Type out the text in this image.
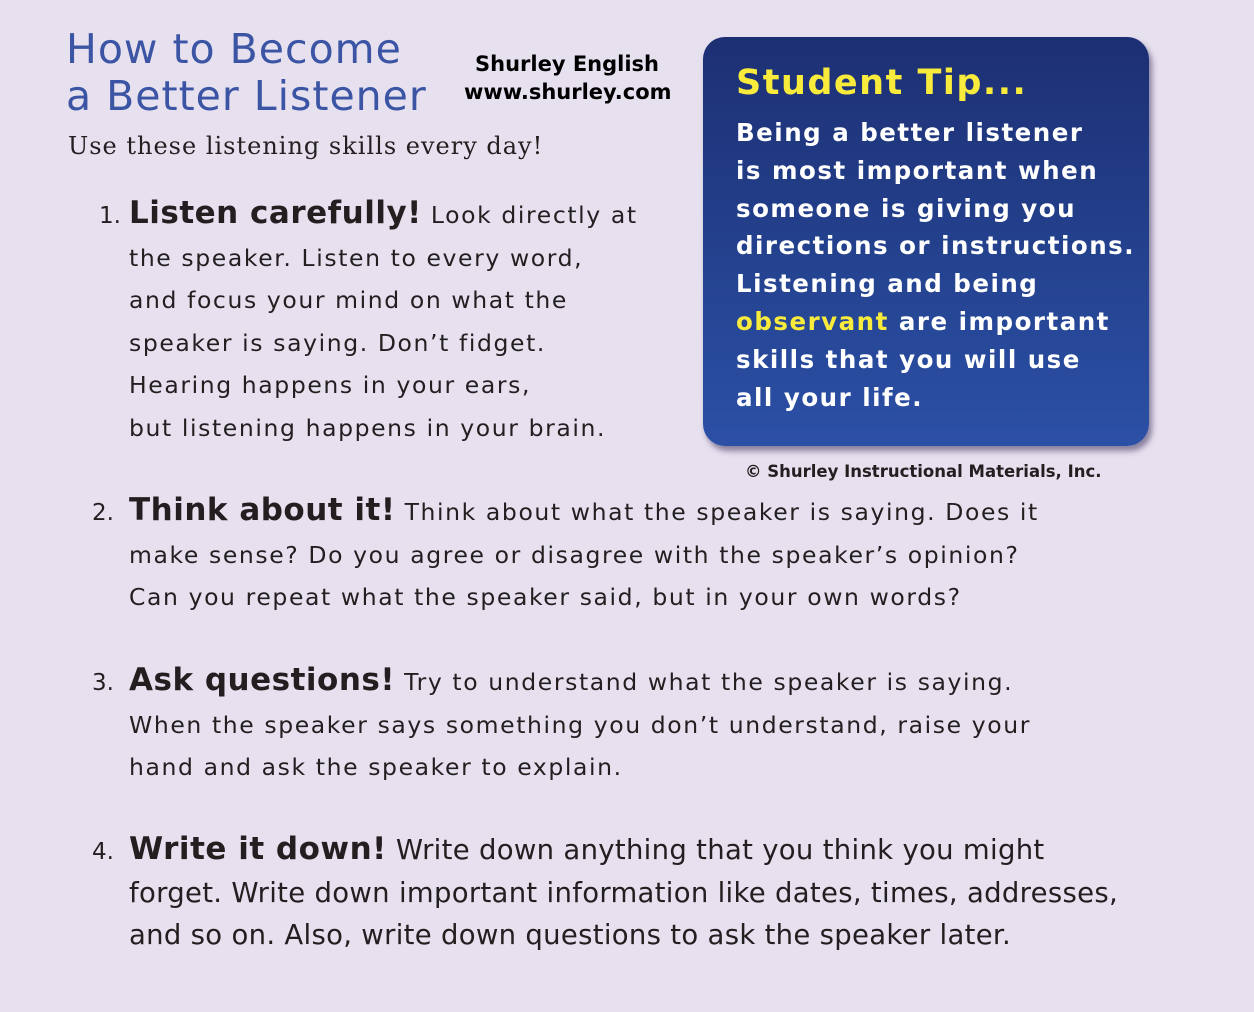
How to Become
a Better Listener
Shurley English
www.shurley.com

Use these listening skills every day!

Student Tip...
Being a better listener
is most important when
someone is giving you
directions or instructions.
Listening and being
observant are important
skills that you will use
all your life.
© Shurley Instructional Materials, Inc.
1. Listen carefully! Look directly at
the speaker. Listen to every word,
and focus your mind on what the
speaker is saying. Don’t fidget.
Hearing happens in your ears,
but listening happens in your brain.
2. Think about it! Think about what the speaker is saying. Does it
make sense? Do you agree or disagree with the speaker’s opinion?
Can you repeat what the speaker said, but in your own words?
3. Ask questions! Try to understand what the speaker is saying.
When the speaker says something you don’t understand, raise your
hand and ask the speaker to explain.
4. Write it down! Write down anything that you think you might
forget. Write down important information like dates, times, addresses,
and so on. Also, write down questions to ask the speaker later.
